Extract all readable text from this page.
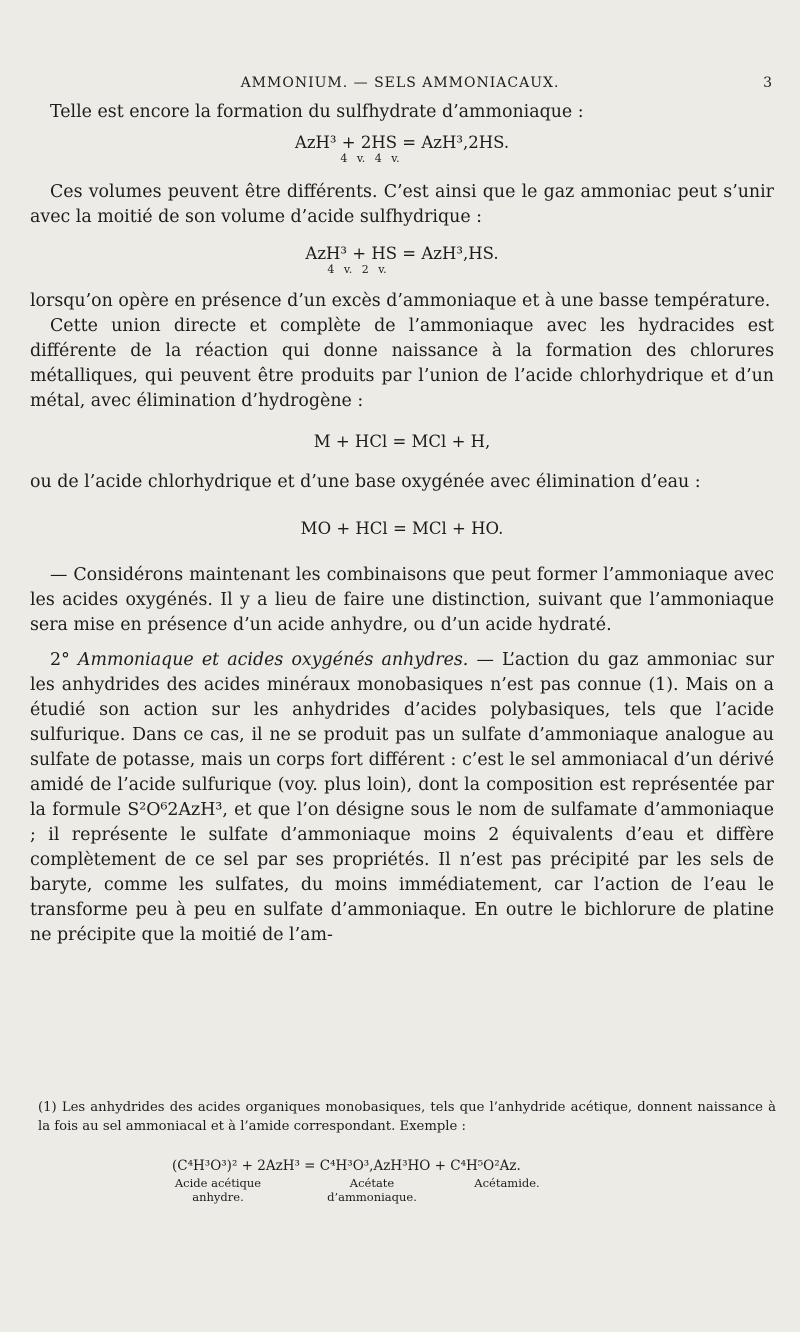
AMMONIUM. — SELS AMMONIACAUX.	3

Telle est encore la formation du sulfhydrate d’ammoniaque :

AzH³ + 2HS = AzH³,2HS.
4 v. 4 v.

Ces volumes peuvent être différents. C’est ainsi que le gaz ammoniac peut s’unir avec la moitié de son volume d’acide sulfhydrique :

AzH³ + HS = AzH³,HS.
4 v. 2 v.

lorsqu’on opère en présence d’un excès d’ammoniaque et à une basse température.

Cette union directe et complète de l’ammoniaque avec les hydracides est différente de la réaction qui donne naissance à la formation des chlorures métalliques, qui peuvent être produits par l’union de l’acide chlorhydrique et d’un métal, avec élimination d’hydrogène :

M + HCl = MCl + H,

ou de l’acide chlorhydrique et d’une base oxygénée avec élimination d’eau :

MO + HCl = MCl + HO.

— Considérons maintenant les combinaisons que peut former l’ammoniaque avec les acides oxygénés. Il y a lieu de faire une distinction, suivant que l’ammoniaque sera mise en présence d’un acide anhydre, ou d’un acide hydraté.

2° Ammoniaque et acides oxygénés anhydres. — L’action du gaz ammoniac sur les anhydrides des acides minéraux monobasiques n’est pas connue (1). Mais on a étudié son action sur les anhydrides d’acides polybasiques, tels que l’acide sulfurique. Dans ce cas, il ne se produit pas un sulfate d’ammoniaque analogue au sulfate de potasse, mais un corps fort différent : c’est le sel ammoniacal d’un dérivé amidé de l’acide sulfurique (voy. plus loin), dont la composition est représentée par la formule S²O⁶2AzH³, et que l’on désigne sous le nom de sulfamate d’ammoniaque ; il représente le sulfate d’ammoniaque moins 2 équivalents d’eau et diffère complètement de ce sel par ses propriétés. Il n’est pas précipité par les sels de baryte, comme les sulfates, du moins immédiatement, car l’action de l’eau le transforme peu à peu en sulfate d’ammoniaque. En outre le bichlorure de platine ne précipite que la moitié de l’am-

(1) Les anhydrides des acides organiques monobasiques, tels que l’anhydride acétique, donnent naissance à la fois au sel ammoniacal et à l’amide correspondant. Exemple :
(C⁴H³O³)² + 2AzH³ = C⁴H³O³,AzH³HO + C⁴H⁵O²Az.
Acide acétique
anhydre.
Acétate
d’ammoniaque.
Acétamide.
